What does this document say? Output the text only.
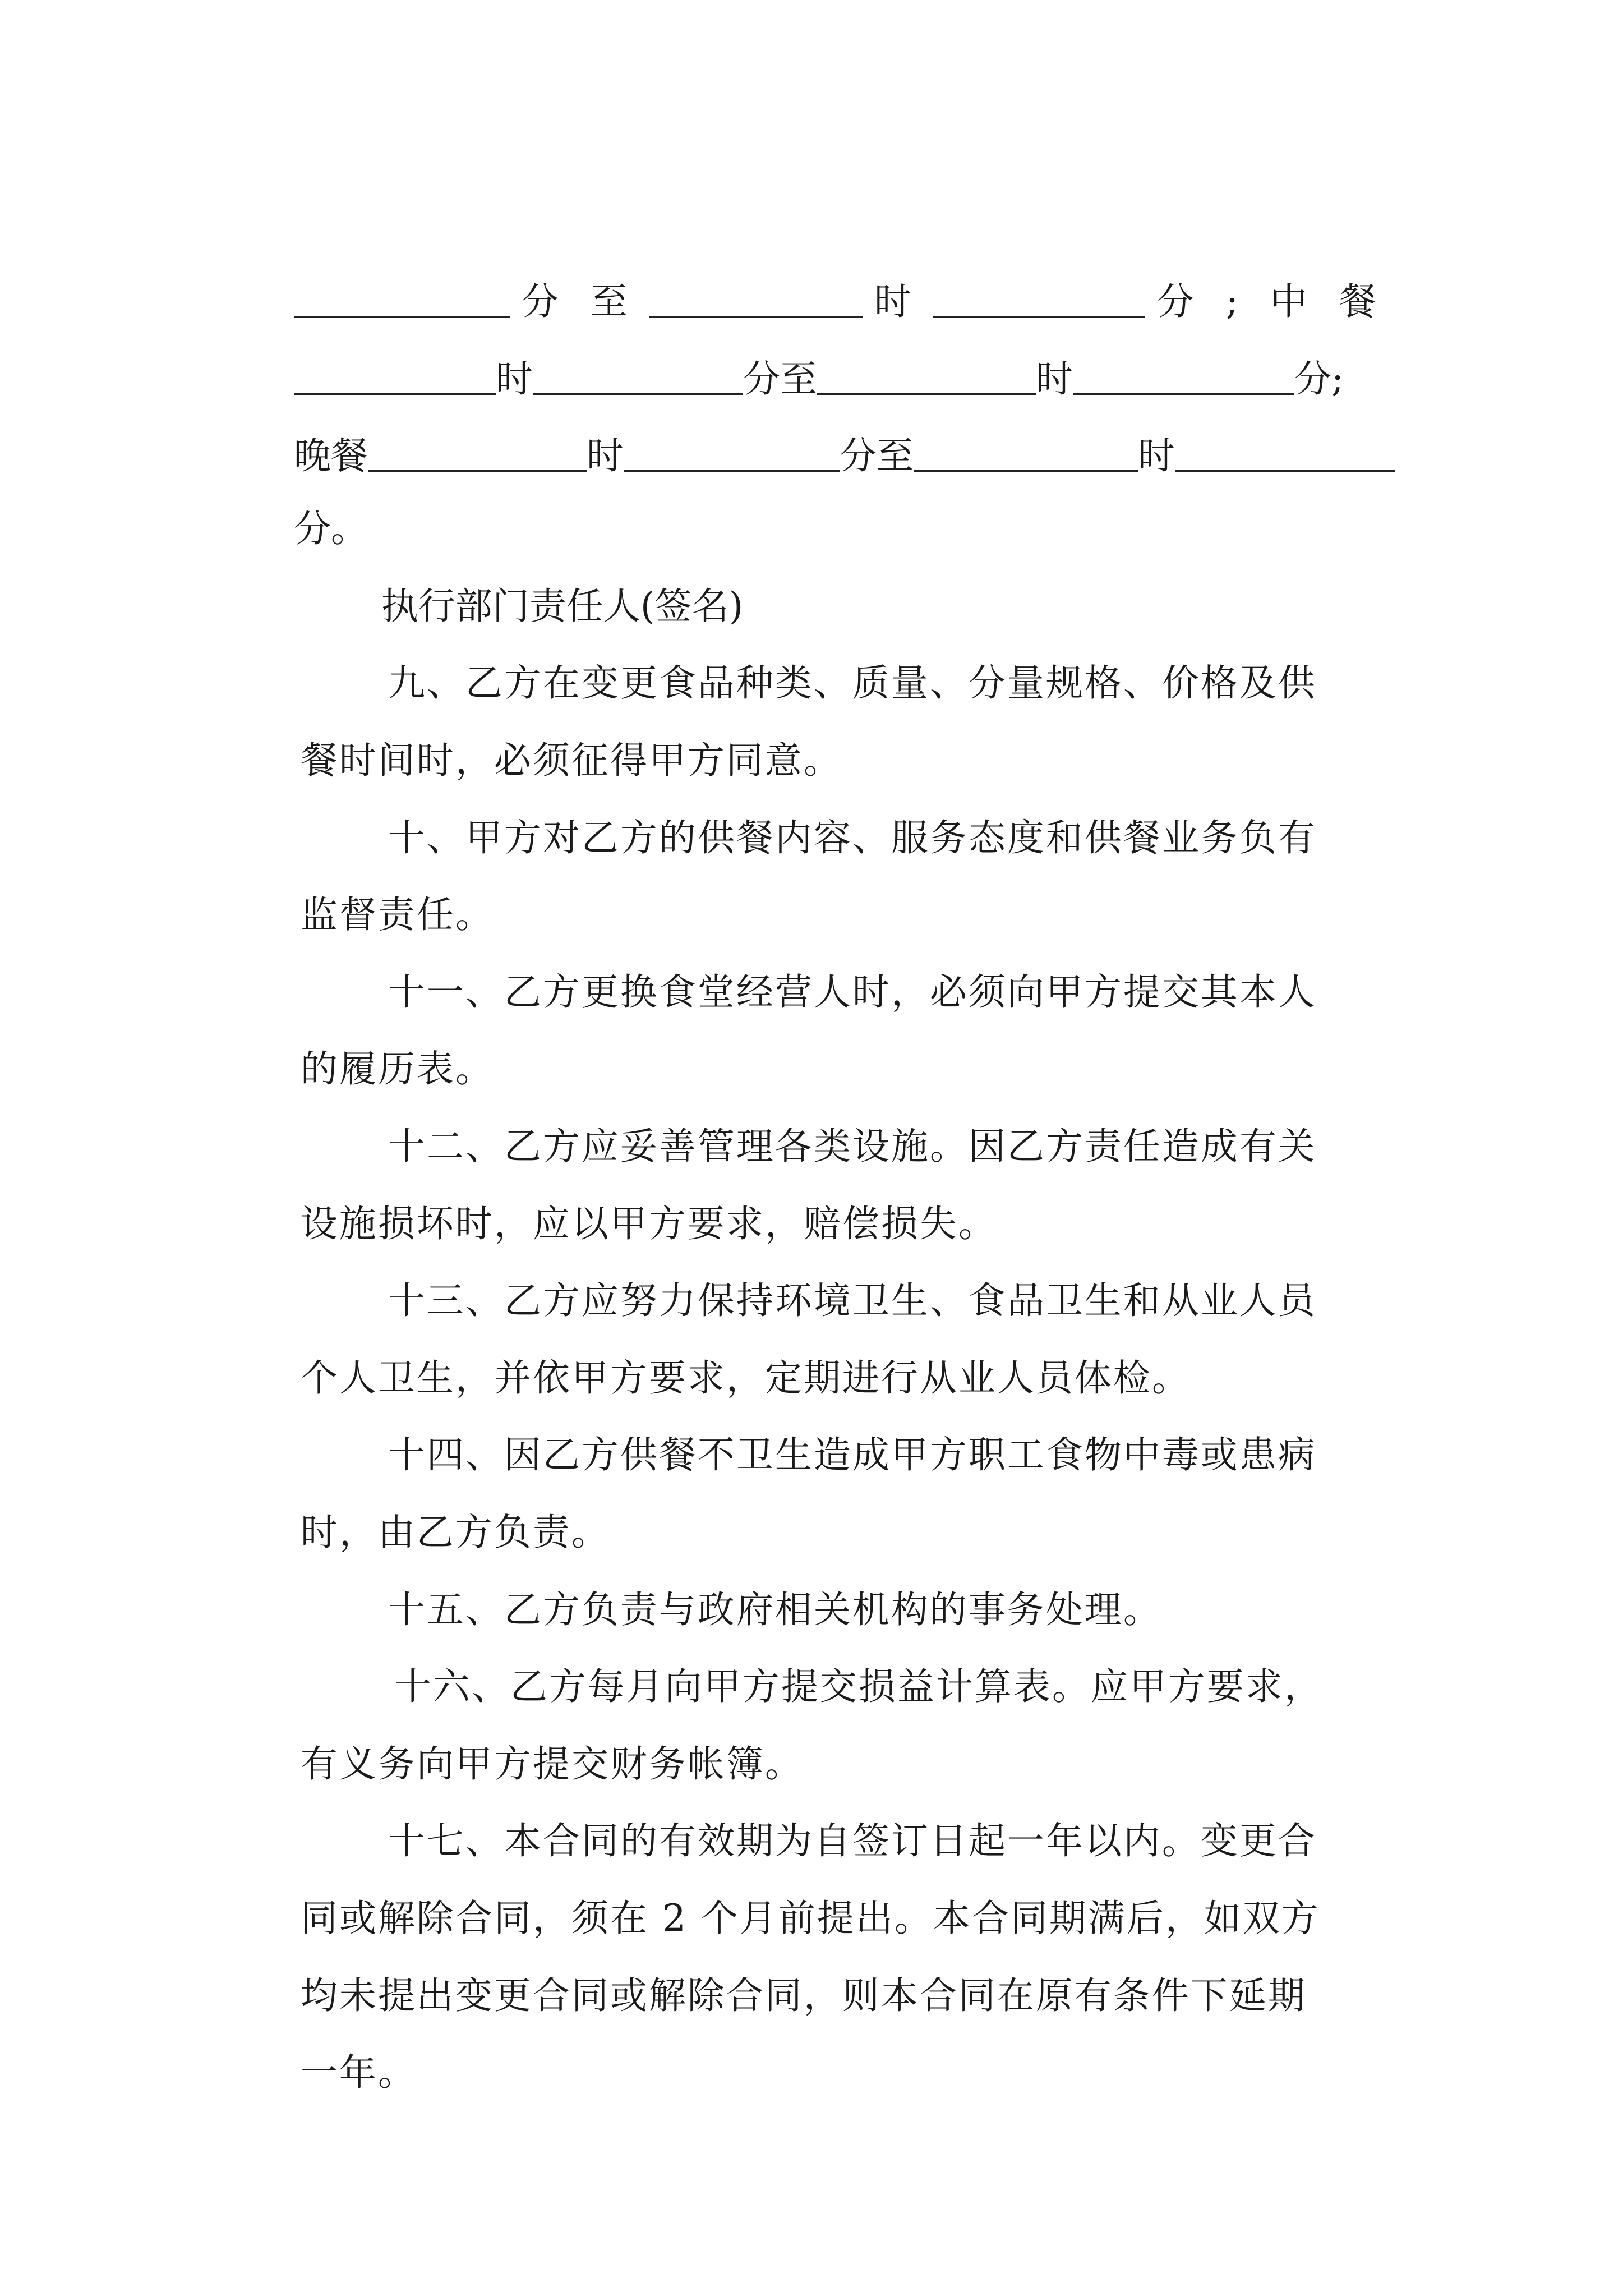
分 至	时	分 ; 中 餐

时	分至	时	分;

晚餐	时	分至	时

分。

执行部门责任人(签名)

九、乙方在变更食品种类、质量、分量规格、价格及供

餐时间时，必须征得甲方同意。

十、甲方对乙方的供餐内容、服务态度和供餐业务负有

监督责任。

十一、乙方更换食堂经营人时，必须向甲方提交其本人

的履历表。

十二、乙方应妥善管理各类设施。因乙方责任造成有关

设施损坏时，应以甲方要求，赔偿损失。

十三、乙方应努力保持环境卫生、食品卫生和从业人员

个人卫生，并依甲方要求，定期进行从业人员体检。

十四、因乙方供餐不卫生造成甲方职工食物中毒或患病

时，由乙方负责。

十五、乙方负责与政府相关机构的事务处理。

十六、乙方每月向甲方提交损益计算表。应甲方要求，

有义务向甲方提交财务帐簿。

十七、本合同的有效期为自签订日起一年以内。变更合

同或解除合同，须在 2 个月前提出。本合同期满后，如双方

均未提出变更合同或解除合同，则本合同在原有条件下延期

一年。
